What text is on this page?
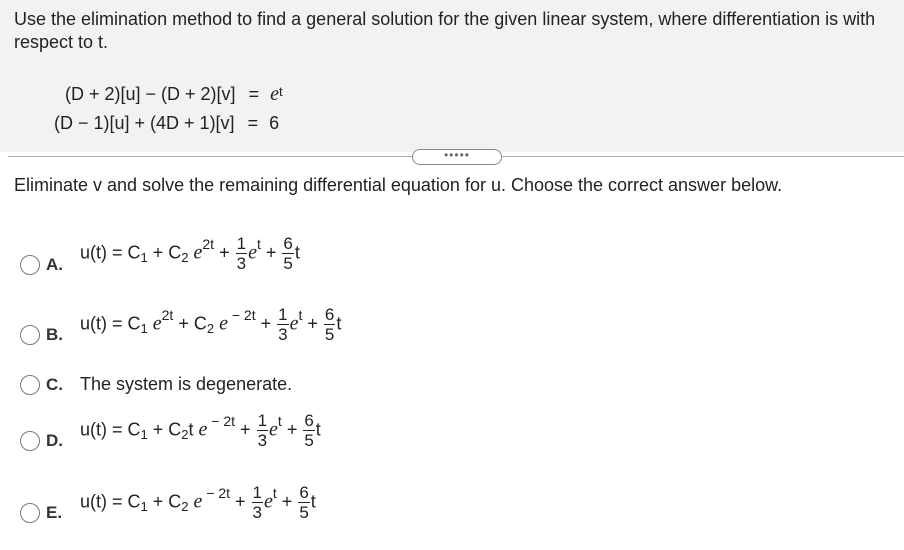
Use the elimination method to find a general solution for the given linear system, where differentiation is with respect to t.
$(D + 2)[u] - (D + 2)[v] = e^t$
(D − 1)[u] + (4D + 1)[v] = 6
•••••
Eliminate v and solve the remaining differential equation for u. Choose the correct answer below.
A.
$u(t) = C_1 + C_2$ $e^{2t} + \frac{1}{3} e^t + \frac{6}{5}$ t
B.
$u(t) = C_1$ $e^{2t} + C_2$ e $^{- 2t} + \frac{1}{3} e^t + \frac{6}{5}$ t
C. The system is degenerate.
D.
$u(t) = C_1 + C_2t$ e $^{- 2t} + \frac{1}{3} e^t + \frac{6}{5}$ t
E.
$u(t) = C_1 + C_2$ e $^{- 2t} + \frac{1}{3} e^t + \frac{6}{5}$ t
